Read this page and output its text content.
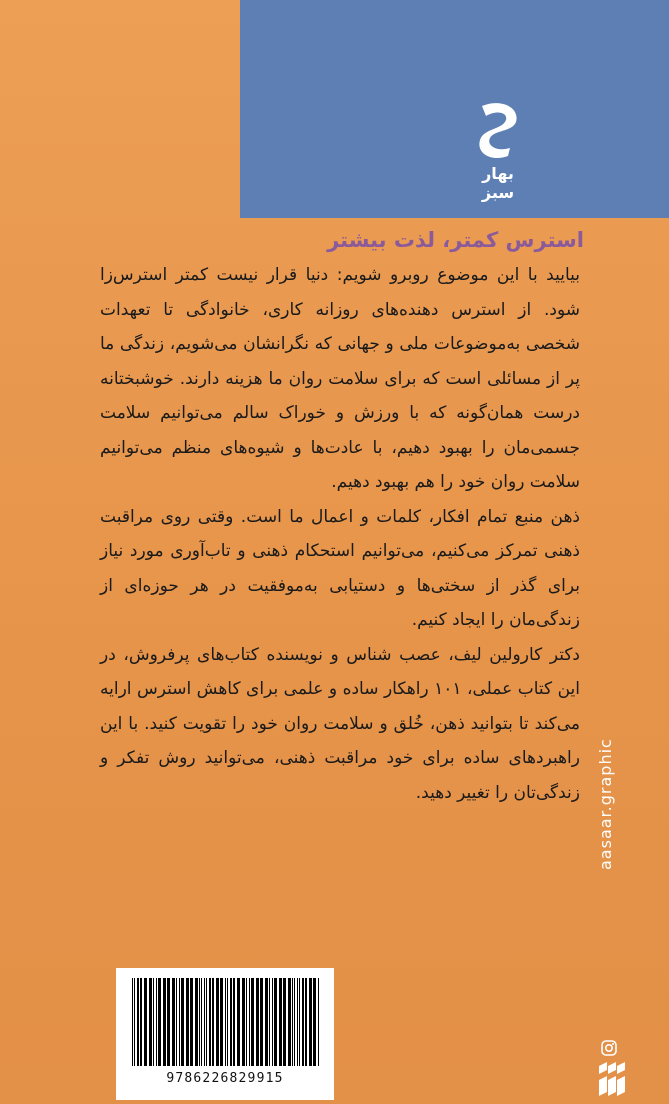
بهار سبز
استرس کمتر، لذت بیشتر

بیایید با این موضوع روبرو شویم: دنیا قرار نیست کمتر استرس‌زا شود. از استرس دهنده‌های روزانه کاری، خانوادگی تا تعهدات شخصی به‌موضوعات ملی و جهانی که نگرانشان می‌شویم، زندگی ما پر از مسائلی است که برای سلامت روان ما هزینه دارند. خوشبختانه درست همان‌گونه که با ورزش و خوراک سالم می‌توانیم سلامت جسمی‌مان را بهبود دهیم، با عادت‌ها و شیوه‌های منظم می‌توانیم سلامت روان خود را هم بهبود دهیم.

ذهن منبع تمام افکار، کلمات و اعمال ما است. وقتی روی مراقبت ذهنی تمرکز می‌کنیم، می‌توانیم استحکام ذهنی و تاب‌آوری مورد نیاز برای گذر از سختی‌ها و دستیابی به‌موفقیت در هر حوزه‌ای از زندگی‌مان را ایجاد کنیم.

دکتر کارولین لیف، عصب شناس و نویسنده کتاب‌های پرفروش، در این کتاب عملی، ۱۰۱ راهکار ساده و علمی برای کاهش استرس ارایه می‌کند تا بتوانید ذهن، خُلق و سلامت روان خود را تقویت کنید. با این راهبردهای ساده برای خود مراقبت ذهنی، می‌توانید روش تفکر و زندگی‌تان را تغییر دهید. aasaar.graphic
9786226829915
